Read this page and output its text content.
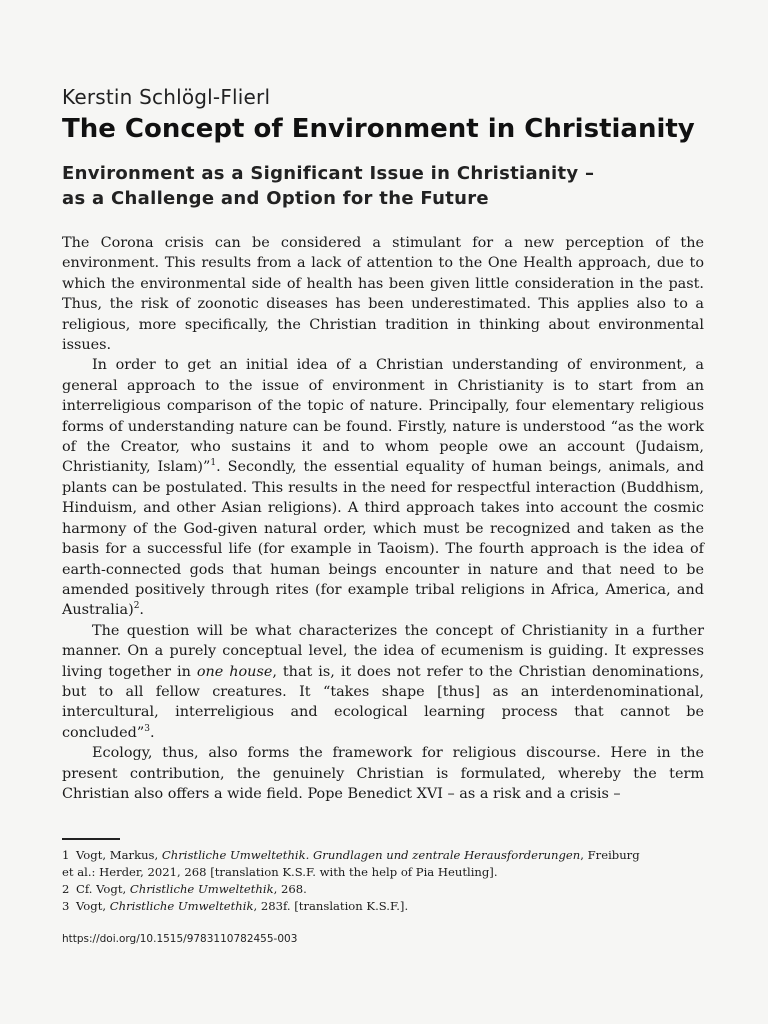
Kerstin Schlögl-Flierl

The Concept of Environment in Christianity
Environment as a Significant Issue in Christianity –
as a Challenge and Option for the Future

The Corona crisis can be considered a stimulant for a new perception of the environment. This results from a lack of attention to the One Health approach, due to which the environmental side of health has been given little consideration in the past. Thus, the risk of zoonotic diseases has been underestimated. This applies also to a religious, more specifically, the Christian tradition in thinking about environmental issues.

In order to get an initial idea of a Christian understanding of environment, a general approach to the issue of environment in Christianity is to start from an interreligious comparison of the topic of nature. Principally, four elementary religious forms of understanding nature can be found. Firstly, nature is understood “as the work of the Creator, who sustains it and to whom people owe an account (Judaism, Christianity, Islam)”$^1$. Secondly, the essential equality of human beings, animals, and plants can be postulated. This results in the need for respectful interaction (Buddhism, Hinduism, and other Asian religions). A third approach takes into account the cosmic harmony of the God-given natural order, which must be recognized and taken as the basis for a successful life (for example in Taoism). The fourth approach is the idea of earth-connected gods that human beings encounter in nature and that need to be amended positively through rites (for example tribal religions in Africa, America, and Australia)$^2$.

The question will be what characterizes the concept of Christianity in a further manner. On a purely conceptual level, the idea of ecumenism is guiding. It expresses living together in one house, that is, it does not refer to the Christian denominations, but to all fellow creatures. It “takes shape [thus] as an interdenominational, intercultural, interreligious and ecological learning process that cannot be concluded”$^3$.

Ecology, thus, also forms the framework for religious discourse. Here in the present contribution, the genuinely Christian is formulated, whereby the term Christian also offers a wide field. Pope Benedict XVI – as a risk and a crisis –

1 Vogt, Markus, Christliche Umweltethik. Grundlagen und zentrale Herausforderungen, Freiburg
et al.: Herder, 2021, 268 [translation K.S.F. with the help of Pia Heutling].

2 Cf. Vogt, Christliche Umweltethik, 268.

3 Vogt, Christliche Umweltethik, 283f. [translation K.S.F.].

https://doi.org/10.1515/9783110782455-003
